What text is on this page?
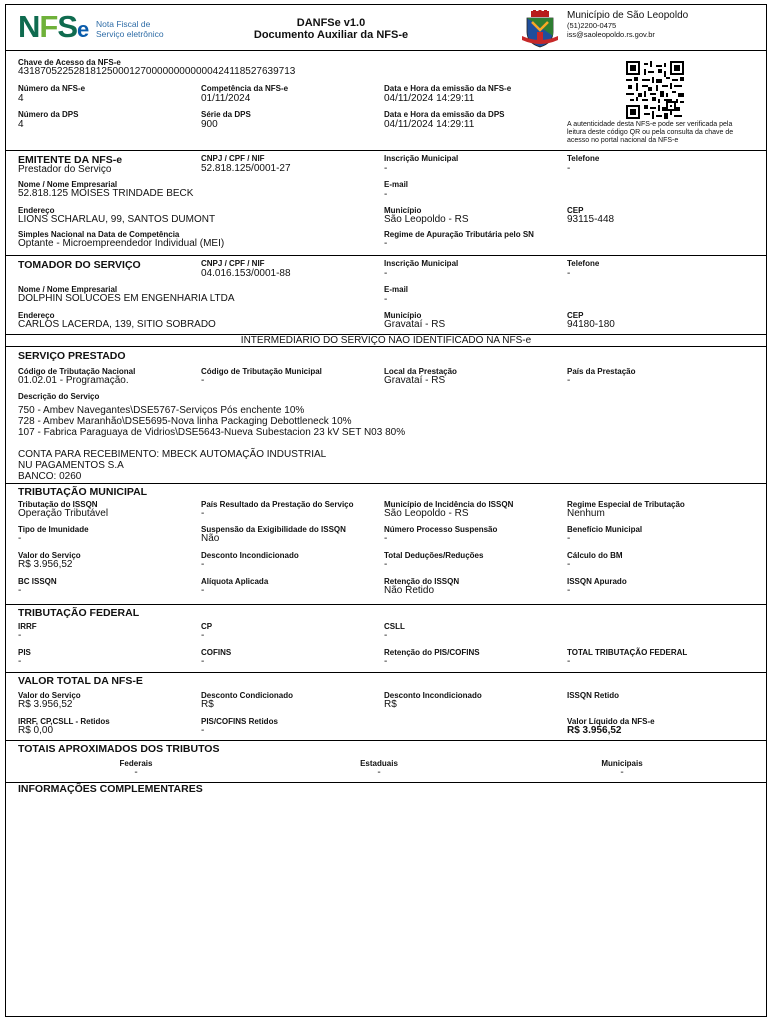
NFSe Nota Fiscal de
Serviço eletrônico
DANFSe v1.0
Documento Auxiliar da NFS-e
Município de São Leopoldo
(51)2200-0475
iss@saoleopoldo.rs.gov.br
Chave de Acesso da NFS-e
43187052252818125000127000000000000424118527639713
Número da NFS-e
4
Competência da NFS-e
01/11/2024
Data e Hora da emissão da NFS-e
04/11/2024 14:29:11
Número da DPS
4
Série da DPS
900
Data e Hora da emissão da DPS
04/11/2024 14:29:11	A autenticidade desta NFS-e pode ser verificada pela leitura deste código QR ou pela consulta da chave de acesso no portal nacional da NFS-e
EMITENTE DA NFS-e
Prestador do Serviço
CNPJ / CPF / NIF
52.818.125/0001-27
Inscrição Municipal
-
Telefone
-
Nome / Nome Empresarial
52.818.125 MOISES TRINDADE BECK
E-mail
-
Endereço
LIONS SCHARLAU, 99, SANTOS DUMONT
Município
São Leopoldo - RS
CEP
93115-448
Simples Nacional na Data de Competência
Optante - Microempreendedor Individual (MEI)
Regime de Apuração Tributária pelo SN
-
TOMADOR DO SERVIÇO	CNPJ / CPF / NIF
04.016.153/0001-88
Inscrição Municipal
-
Telefone
-
Nome / Nome Empresarial
DOLPHIN SOLUCOES EM ENGENHARIA LTDA
E-mail
-
Endereço
CARLOS LACERDA, 139, SITIO SOBRADO
Município
Gravataí - RS
CEP
94180-180
INTERMEDIÁRIO DO SERVIÇO NÃO IDENTIFICADO NA NFS-e
SERVIÇO PRESTADO
Código de Tributação Nacional
01.02.01 - Programação.
Código de Tributação Municipal
-
Local da Prestação
Gravataí - RS
País da Prestação
-
Descrição do Serviço
750 - Ambev Navegantes\DSE5767-Serviços Pós enchente 10%
728 - Ambev Maranhão\DSE5695-Nova linha Packaging Debottleneck 10%
107 - Fabrica Paraguaya de Vidrios\DSE5643-Nueva Subestacion 23 kV SET N03 80%
CONTA PARA RECEBIMENTO: MBECK AUTOMAÇÃO INDUSTRIAL
NU PAGAMENTOS S.A
BANCO: 0260
TRIBUTAÇÃO MUNICIPAL
Tributação do ISSQN
Operação Tributável
País Resultado da Prestação do Serviço
-
Município de Incidência do ISSQN
São Leopoldo - RS
Regime Especial de Tributação
Nenhum
Tipo de Imunidade
-
Suspensão da Exigibilidade do ISSQN
Não
Número Processo Suspensão
-
Benefício Municipal
-
Valor do Serviço
R$ 3.956,52
Desconto Incondicionado
-
Total Deduções/Reduções
-
Cálculo do BM
-
BC ISSQN
-
Alíquota Aplicada
-
Retenção do ISSQN
Não Retido
ISSQN Apurado
-
TRIBUTAÇÃO FEDERAL
IRRF
-
CP
-
CSLL
-
PIS
-
COFINS
-
Retenção do PIS/COFINS
-
TOTAL TRIBUTAÇÃO FEDERAL
-
VALOR TOTAL DA NFS-E
Valor do Serviço
R$ 3.956,52
Desconto Condicionado
R$
Desconto Incondicionado
R$
ISSQN Retido
IRRF, CP,CSLL - Retidos
R$ 0,00
PIS/COFINS Retidos
-
Valor Líquido da NFS-e
R$ 3.956,52
TOTAIS APROXIMADOS DOS TRIBUTOS
Federais
-
Estaduais
-
Municipais
-
INFORMAÇÕES COMPLEMENTARES
